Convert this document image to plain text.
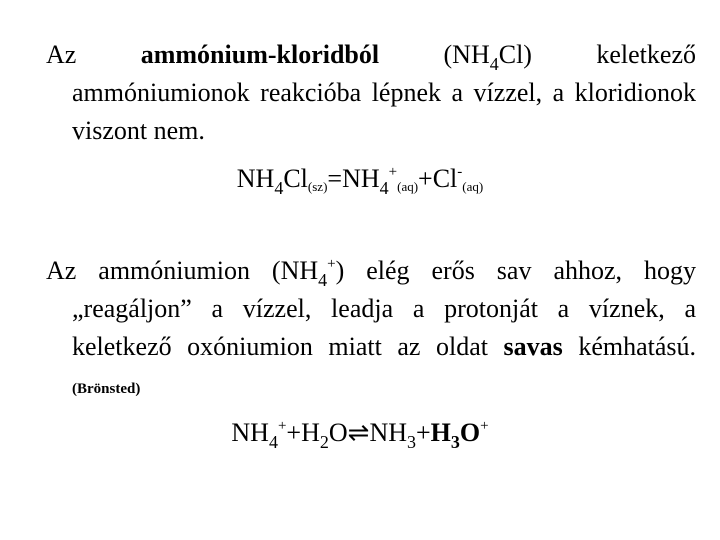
Az ammónium-kloridból $(NH_4Cl)$ keletkező ammóniumionok reakcióba lépnek a vízzel, a kloridionok viszont nem.
$NH_4Cl_{(sz)}=NH_4^+_{(aq)}+Cl^-_{(aq)}$
Az ammóniumion $(NH_4^+)$ elég erős sav ahhoz, hogy „reagáljon” a vízzel, leadja a protonját a víznek, a keletkező oxóniumion miatt az oldat savas kémhatású. (Brönsted)
$NH_4^++H_2O\rightleftharpoons NH_3+H_3O^+$
